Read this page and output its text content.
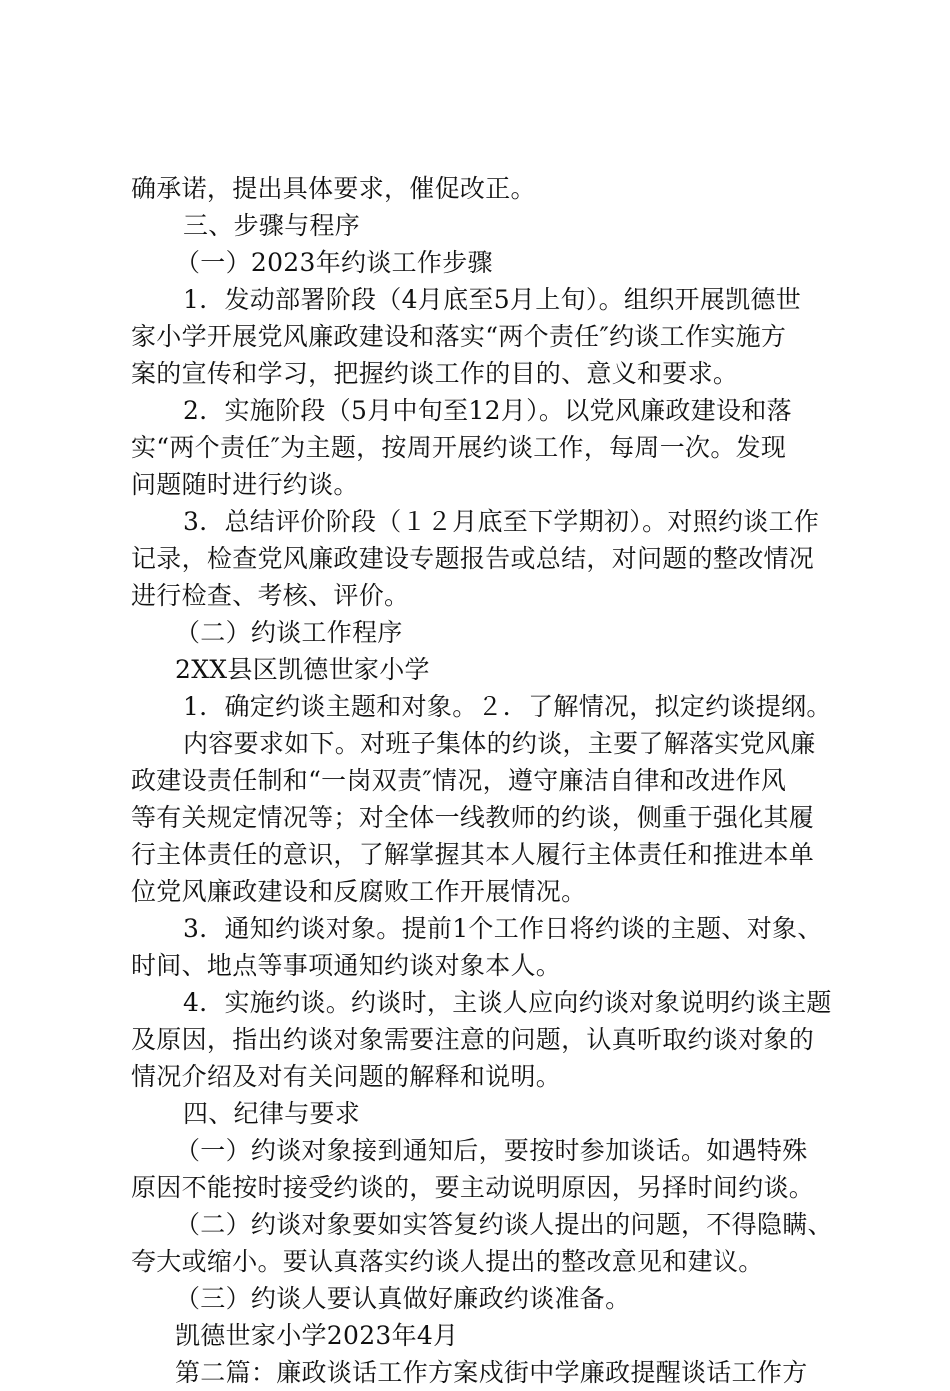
确承诺，提出具体要求，催促改正。
三、步骤与程序
（一）2023年约谈工作步骤
1．发动部署阶段（4月底至5月上旬）。组织开展凯德世
家小学开展党风廉政建设和落实“两个责任″约谈工作实施方
案的宣传和学习，把握约谈工作的目的、意义和要求。
2．实施阶段（5月中旬至12月）。以党风廉政建设和落
实“两个责任″为主题，按周开展约谈工作，每周一次。发现
问题随时进行约谈。
3．总结评价阶段（１２月底至下学期初）。对照约谈工作
记录，检查党风廉政建设专题报告或总结，对问题的整改情况
进行检查、考核、评价。
（二）约谈工作程序
2XX县区凯德世家小学
1．确定约谈主题和对象。２．了解情况，拟定约谈提纲。
内容要求如下。对班子集体的约谈，主要了解落实党风廉
政建设责任制和“一岗双责″情况，遵守廉洁自律和改进作风
等有关规定情况等；对全体一线教师的约谈，侧重于强化其履
行主体责任的意识，了解掌握其本人履行主体责任和推进本单
位党风廉政建设和反腐败工作开展情况。
3．通知约谈对象。提前1个工作日将约谈的主题、对象、
时间、地点等事项通知约谈对象本人。
4．实施约谈。约谈时，主谈人应向约谈对象说明约谈主题
及原因，指出约谈对象需要注意的问题，认真听取约谈对象的
情况介绍及对有关问题的解释和说明。
四、纪律与要求
（一）约谈对象接到通知后，要按时参加谈话。如遇特殊
原因不能按时接受约谈的，要主动说明原因，另择时间约谈。
（二）约谈对象要如实答复约谈人提出的问题，不得隐瞒、
夸大或缩小。要认真落实约谈人提出的整改意见和建议。
（三）约谈人要认真做好廉政约谈准备。
凯德世家小学2023年4月
第二篇：廉政谈话工作方案戍街中学廉政提醒谈话工作方
